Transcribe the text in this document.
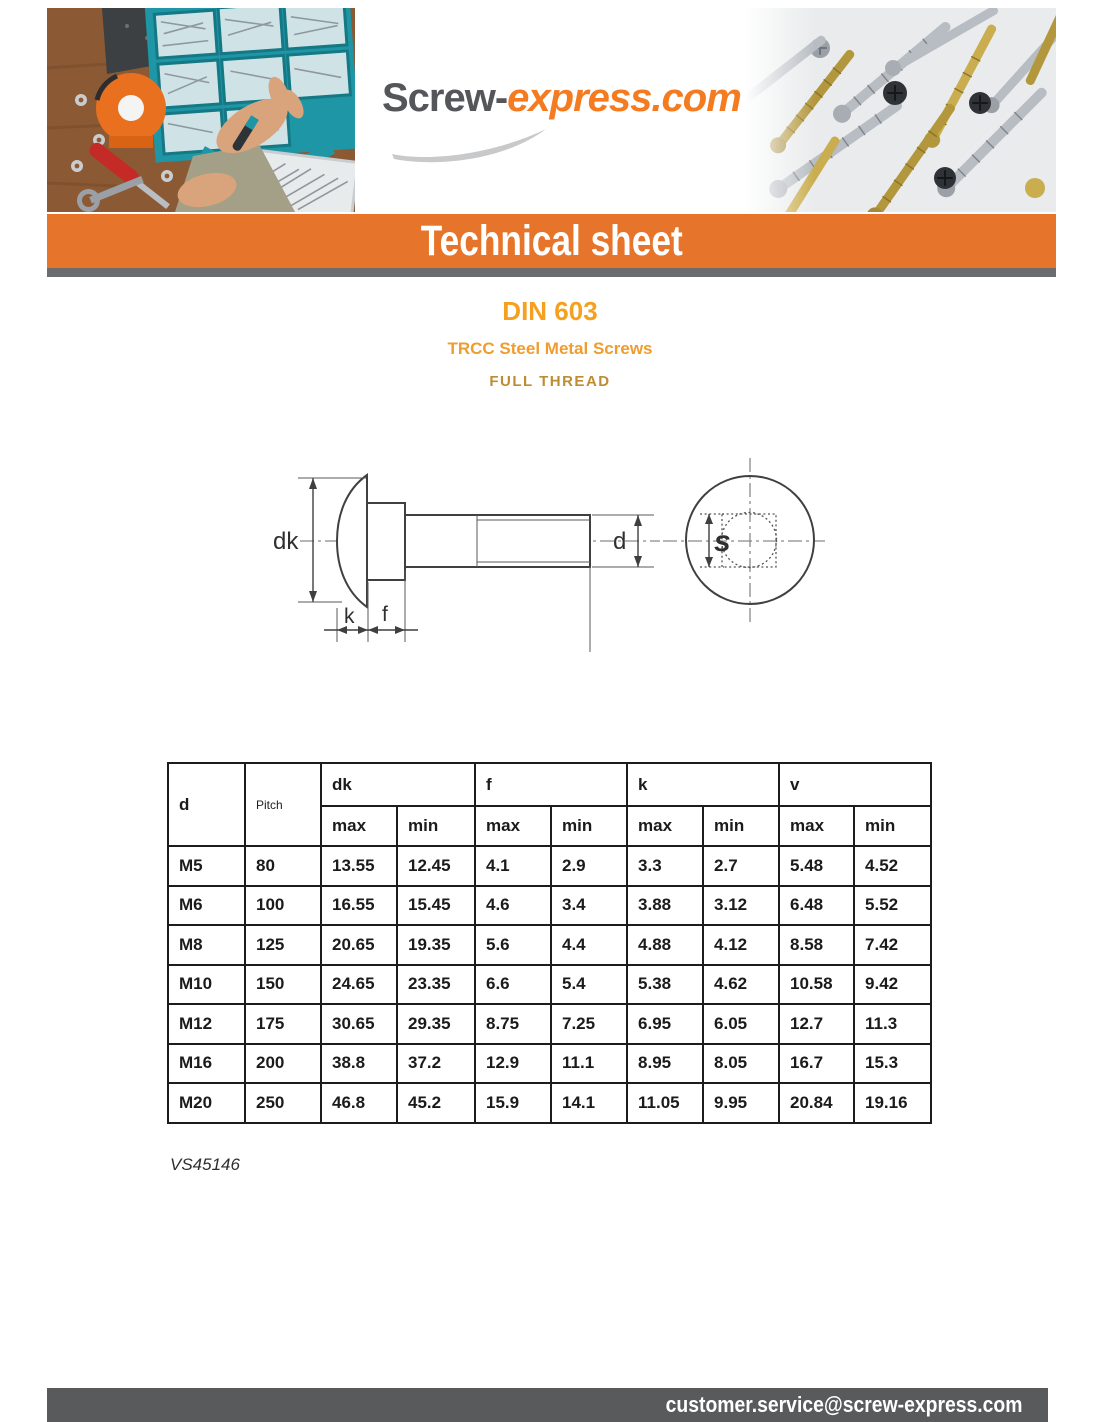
Screw-express.com
Technical sheet

DIN 603

TRCC Steel Metal Screws

FULL THREAD

dk	d
k f
s
d	Pitch	dk		f		k		v	
		max	min	max	min	max	min	max	min
M5	80	13.55	12.45	4.1	2.9	3.3	2.7	5.48	4.52
M6	100	16.55	15.45	4.6	3.4	3.88	3.12	6.48	5.52
M8	125	20.65	19.35	5.6	4.4	4.88	4.12	8.58	7.42
M10	150	24.65	23.35	6.6	5.4	5.38	4.62	10.58	9.42
M12	175	30.65	29.35	8.75	7.25	6.95	6.05	12.7	11.3
M16	200	38.8	37.2	12.9	11.1	8.95	8.05	16.7	15.3
M20	250	46.8	45.2	15.9	14.1	11.05	9.95	20.84	19.16
VS45146
customer.service@screw-express.com
